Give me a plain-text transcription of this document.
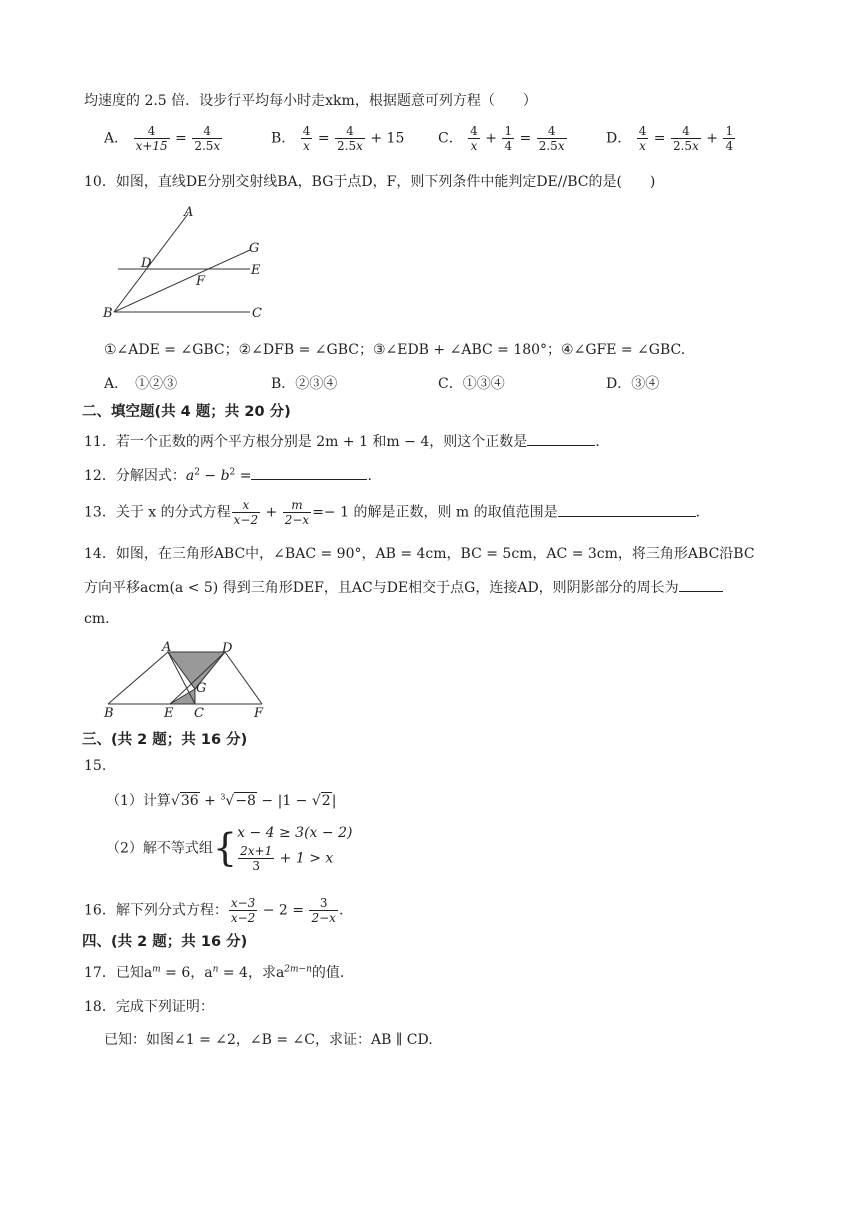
均速度的 2.5 倍．设步行平均每小时走xkm，根据题意可列方程（　　）
A． $\frac{4}{x+15} = \frac{4}{2.5x}$	B． $\frac{4}{x} = \frac{4}{2.5x} + 15$ C． $\frac{4}{x} + \frac{1}{4} = \frac{4}{2.5x}$	D． $\frac{4}{x} = \frac{4}{2.5x} + \frac{1}{4}$
10．如图，直线DE分别交射线BA，BG于点D，F，则下列条件中能判定DE//BC的是(　　)
A
D
G
F
E
B	C
①∠ADE = ∠GBC；②∠DFB = ∠GBC；③∠EDB + ∠ABC = 180°；④∠GFE = ∠GBC.
A．　①②③	B．②③④	C．①③④	D．③④
二、填空题(共 4 题；共 20 分)
11．若一个正数的两个平方根分别是 2m + 1 和m − 4，则这个正数是	.
12．分解因式：$a^2 - b^2$ =	.
13．关于 x 的分式方程 $\frac{x}{x-2} + \frac{m}{2-x} =- 1$ 的解是正数，则 m 的取值范围是	.
14．如图，在三角形ABC中，∠BAC = 90°，AB = 4cm，BC = 5cm，AC = 3cm，将三角形ABC沿BC
方向平移acm(a < 5) 得到三角形DEF，且AC与DE相交于点G，连接AD，则阴影部分的周长为
cm.
A	D
G
B	E C	F
三、(共 2 题；共 16 分)
15.
（1）计算√36 + $^3$√−8 − |1 − √2|
（2）解不等式组{ x − 4 ≥ 3(x − 2)
$\frac{2x+1}{3} + 1 > x$
16．解下列分式方程： $\frac{x-3}{x-2} - 2 = \frac{3}{2-x}$ .
四、(共 2 题；共 16 分)
17．已知$a^m = 6$，$a^n = 4$，求$a^{2m-n}$的值.
18．完成下列证明：
已知：如图∠1 = ∠2，∠B = ∠C，求证：AB ∥ CD.
